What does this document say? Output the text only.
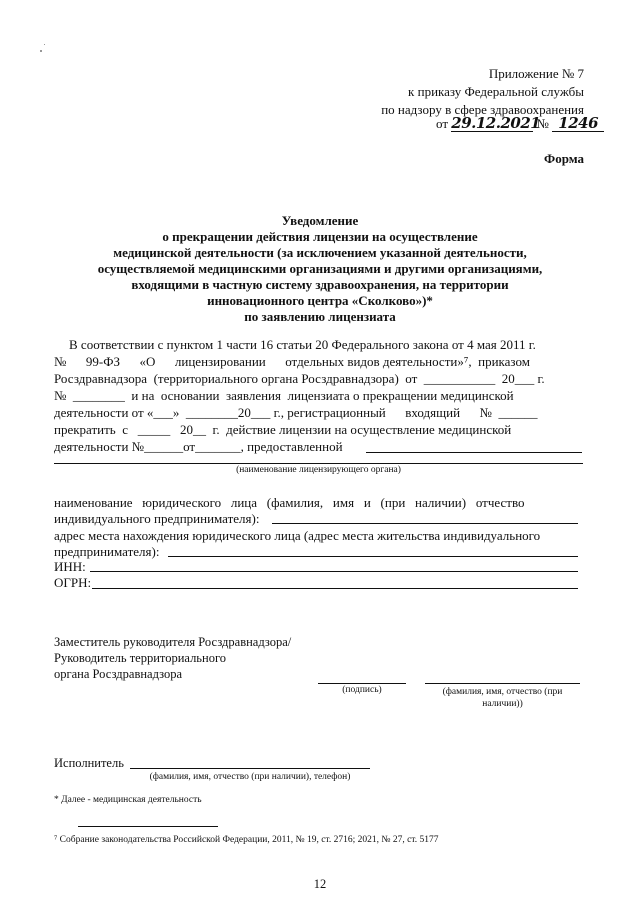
Приложение № 7
к приказу Федеральной службы
по надзору в сфере здравоохранения
от 29.12.2021 № 1246
Форма
Уведомление
о прекращении действия лицензии на осуществление
медицинской деятельности (за исключением указанной деятельности,
осуществляемой медицинскими организациями и другими организациями,
входящими в частную систему здравоохранения, на территории
инновационного центра «Сколково»)*
по заявлению лицензиата
В соответствии с пунктом 1 части 16 статьи 20 Федерального закона от 4 мая 2011 г.
№      99-ФЗ      «О      лицензировании      отдельных видов деятельности»⁷,  приказом
Росздравнадзора  (территориального органа Росздравнадзора)  от  ___________  20___ г.
№  ________  и на  основании  заявления  лицензиата о прекращении медицинской
деятельности от «___»  ________20___ г., регистрационный      входящий      №  ______
прекратить  с   _____   20__  г.  действие лицензии на осуществление медицинской
деятельности №______от_______, предоставленной
(наименование лицензирующего органа)
наименование   юридического   лица   (фамилия,   имя   и   (при   наличии)   отчество
индивидуального предпринимателя):
адрес места нахождения юридического лица (адрес места жительства индивидуального
предпринимателя):
ИНН:
ОГРН:
Заместитель руководителя Росздравнадзора/
Руководитель территориального
органа Росздравнадзора
(подпись)	(фамилия, имя, отчество (при
наличии))
Исполнитель
(фамилия, имя, отчество (при наличии), телефон)
* Далее - медицинская деятельность
⁷ Собрание законодательства Российской Федерации, 2011, № 19, ст. 2716; 2021, № 27, ст. 5177
12
